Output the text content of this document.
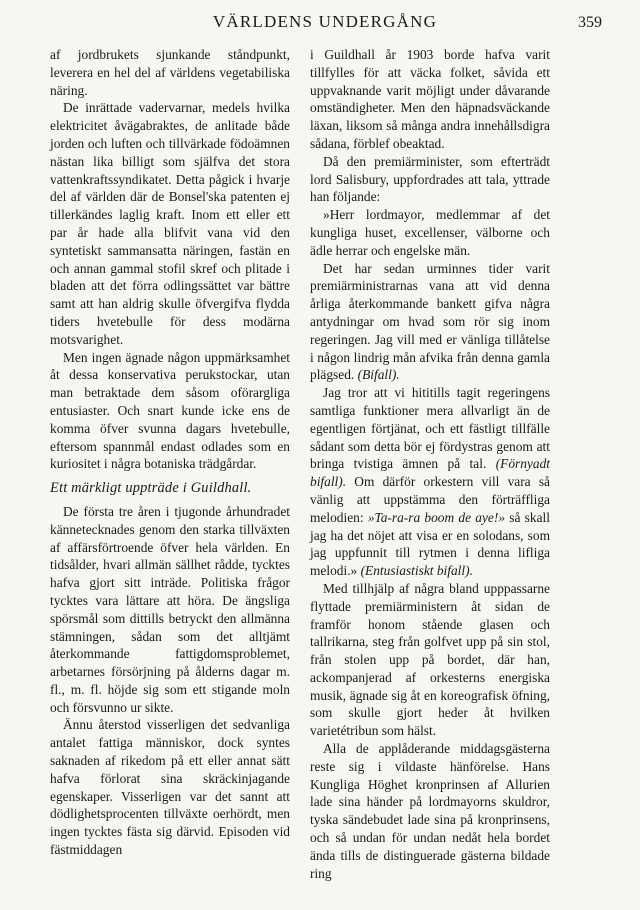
VÄRLDENS UNDERGÅNG	359

af jordbrukets sjunkande ståndpunkt, leverera en hel del af världens vegetabiliska näring.

De inrättade vadervarnar, medels hvilka elektricitet åvägabraktes, de anlitade både jorden och luften och tillvärkade födoämnen nästan lika billigt som själfva det stora vattenkraftssyndikatet. Detta pågick i hvarje del af världen där de Bonsel'ska patenten ej tillerkändes laglig kraft. Inom ett eller ett par år hade alla blifvit vana vid den syntetiskt sammansatta näringen, fastän en och annan gammal stofil skref och plitade i bladen att det förra odlingssättet var bättre samt att han aldrig skulle öfvergifva flydda tiders hvetebulle för dess modärna motsvarighet.

Men ingen ägnade någon uppmärksamhet åt dessa konservativa perukstockar, utan man betraktade dem såsom oförargliga entusiaster. Och snart kunde icke ens de komma öfver svunna dagars hvetebulle, eftersom spannmål endast odlades som en kuriositet i några botaniska trädgårdar.

Ett märkligt uppträde i Guildhall.

De första tre åren i tjugonde århundradet kännetecknades genom den starka tillväxten af affärsförtroende öfver hela världen. En tidsålder, hvari allmän sällhet rådde, tycktes hafva gjort sitt inträde. Politiska frågor tycktes vara lättare att höra. De ängsliga spörsmål som dittills betryckt den allmänna stämningen, sådan som det alltjämt återkommande fattigdomsproblemet, arbetarnes försörjning på ålderns dagar m. fl., m. fl. höjde sig som ett stigande moln och försvunno ur sikte.

Ännu återstod visserligen det sedvanliga antalet fattiga människor, dock syntes saknaden af rikedom på ett eller annat sätt hafva förlorat sina skräckinjagande egenskaper. Visserligen var det sannt att dödlighetsprocenten tillväxte oerhördt, men ingen tycktes fästa sig därvid. Episoden vid fästmiddagen

i Guildhall år 1903 borde hafva varit tillfylles för att väcka folket, såvida ett uppvaknande varit möjligt under dåvarande omständigheter. Men den häpnadsväckande läxan, liksom så många andra innehållsdigra sådana, förblef obeaktad.

Då den premiärminister, som efterträdt lord Salisbury, uppfordrades att tala, yttrade han följande:

»Herr lordmayor, medlemmar af det kungliga huset, excellenser, välborne och ädle herrar och engelske män.

Det har sedan urminnes tider varit premiärministrarnas vana att vid denna årliga återkommande bankett gifva några antydningar om hvad som rör sig inom regeringen. Jag vill med er vänliga tillåtelse i någon lindrig mån afvika från denna gamla plägsed. (Bifall).

Jag tror att vi hititills tagit regeringens samtliga funktioner mera allvarligt än de egentligen förtjänat, och ett fästligt tillfälle sådant som detta bör ej fördystras genom att bringa tvistiga ämnen på tal. (Förnyadt bifall). Om därför orkestern vill vara så vänlig att uppstämma den förträffliga melodien: »Ta-ra-ra boom de aye!» så skall jag ha det nöjet att visa er en solodans, som jag uppfunnit till rytmen i denna lifliga melodi.» (Entusiastiskt bifall).

Med tillhjälp af några bland upppassarne flyttade premiärministern åt sidan de framför honom stående glasen och tallrikarna, steg från golfvet upp på sin stol, från stolen upp på bordet, där han, ackompanjerad af orkesterns energiska musik, ägnade sig åt en koreografisk öfning, som skulle gjort heder åt hvilken varietétribun som hälst.

Alla de applåderande middagsgästerna reste sig i vildaste hänförelse. Hans Kungliga Höghet kronprinsen af Allurien lade sina händer på lordmayorns skuldror, tyska sändebudet lade sina på kronprinsens, och så undan för undan nedåt hela bordet ända tills de distinguerade gästerna bildade ring
